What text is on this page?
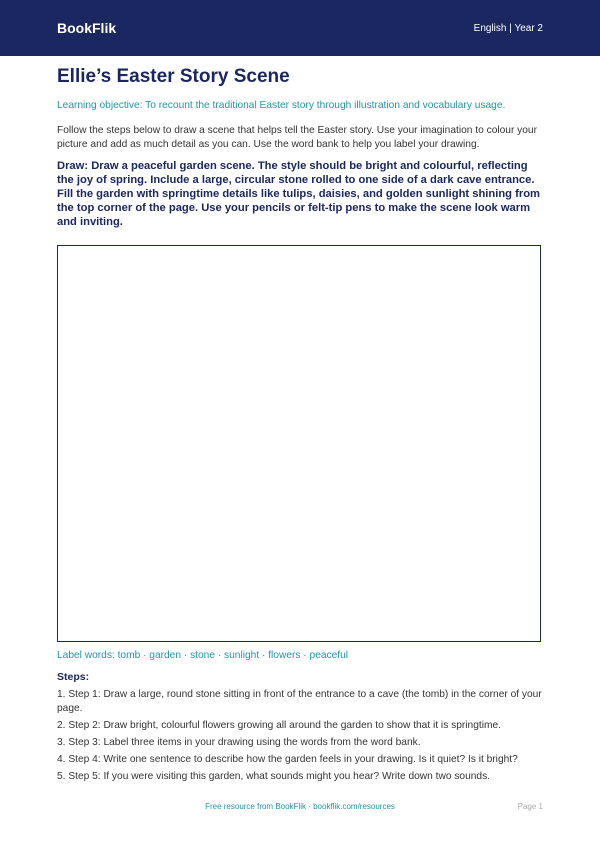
BookFlik	English | Year 2
Ellie’s Easter Story Scene

Learning objective: To recount the traditional Easter story through illustration and vocabulary usage.

Follow the steps below to draw a scene that helps tell the Easter story. Use your imagination to colour your picture and add as much detail as you can. Use the word bank to help you label your drawing.

Draw: Draw a peaceful garden scene. The style should be bright and colourful, reflecting the joy of spring. Include a large, circular stone rolled to one side of a dark cave entrance. Fill the garden with springtime details like tulips, daisies, and golden sunlight shining from the top corner of the page. Use your pencils or felt-tip pens to make the scene look warm and inviting.

Label words: tomb · garden · stone · sunlight · flowers · peaceful

Steps:

1. Step 1: Draw a large, round stone sitting in front of the entrance to a cave (the tomb) in the corner of your page.
2. Step 2: Draw bright, colourful flowers growing all around the garden to show that it is springtime.
3. Step 3: Label three items in your drawing using the words from the word bank.
4. Step 4: Write one sentence to describe how the garden feels in your drawing. Is it quiet? Is it bright?
5. Step 5: If you were visiting this garden, what sounds might you hear? Write down two sounds.
Free resource from BookFlik · bookflik.com/resources	Page 1
